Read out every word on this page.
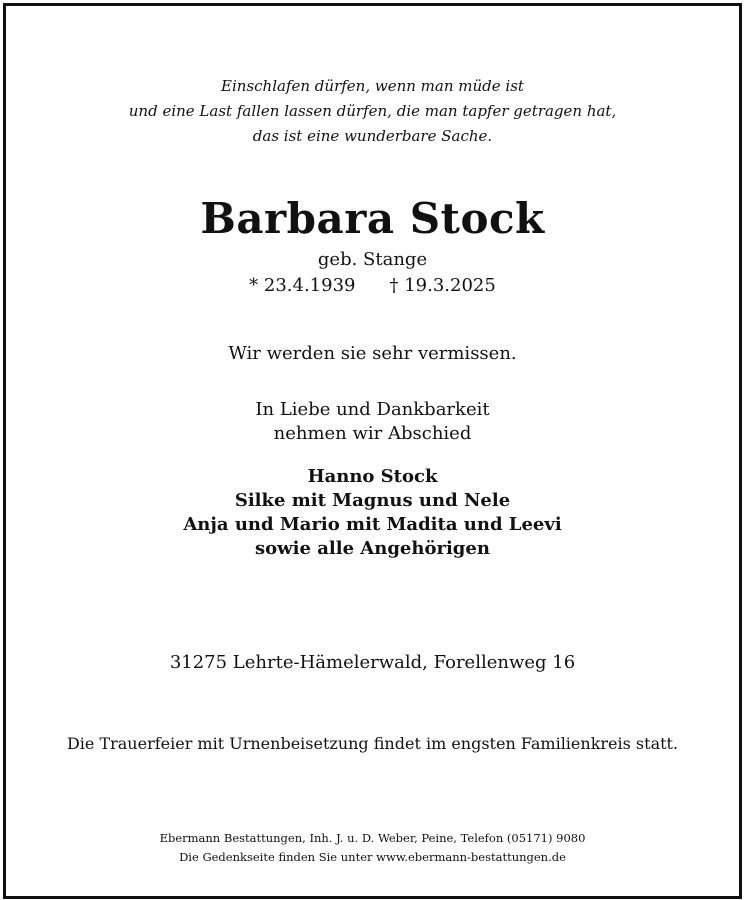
Einschlafen dürfen, wenn man müde ist
und eine Last fallen lassen dürfen, die man tapfer getragen hat,
das ist eine wunderbare Sache.
Barbara Stock
geb. Stange
* 23.4.1939 † 19.3.2025
Wir werden sie sehr vermissen.
In Liebe und Dankbarkeit
nehmen wir Abschied
Hanno Stock
Silke mit Magnus und Nele
Anja und Mario mit Madita und Leevi
sowie alle Angehörigen
31275 Lehrte-Hämelerwald, Forellenweg 16
Die Trauerfeier mit Urnenbeisetzung findet im engsten Familienkreis statt.
Ebermann Bestattungen, Inh. J. u. D. Weber, Peine, Telefon (05171) 9080
Die Gedenkseite finden Sie unter www.ebermann-bestattungen.de
